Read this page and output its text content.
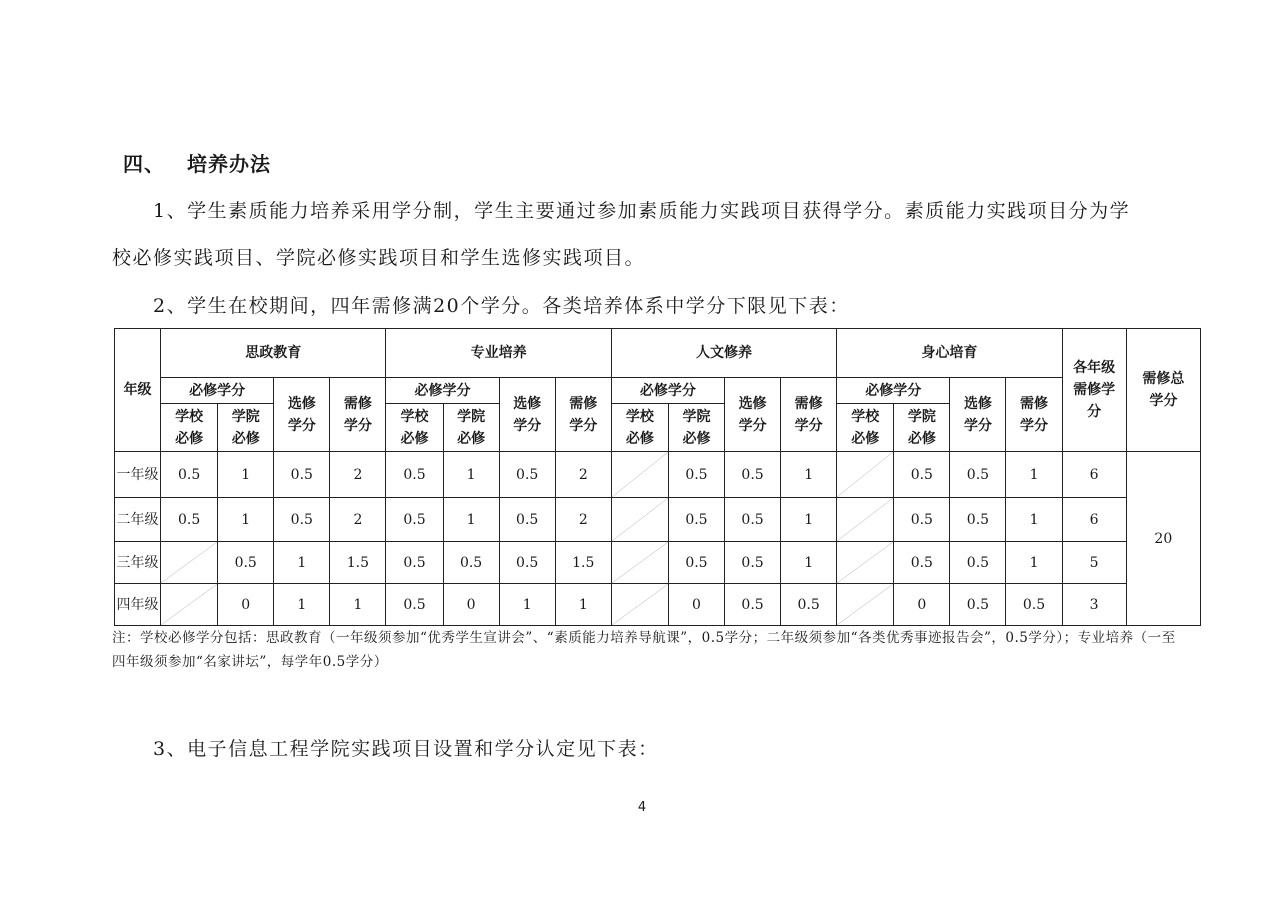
四、 培养办法
1、学生素质能力培养采用学分制，学生主要通过参加素质能力实践项目获得学分。素质能力实践项目分为学
校必修实践项目、学院必修实践项目和学生选修实践项目。
2、学生在校期间，四年需修满20个学分。各类培养体系中学分下限见下表：
年级	思政教育				专业培养				人文修养				身心培育				各年级需修学分	需修总学分

	必修学分		选修学分	需修学分	必修学分		选修学分	需修学分	必修学分		选修学分	需修学分	必修学分		选修学分	需修学分		

	学校必修	学院必修			学校必修	学院必修			学校必修	学院必修			学校必修	学院必修				

一年级	0.5	1	0.5	2	0.5	1	0.5	2		0.5	0.5	1		0.5	0.5	1	6	20
二年级	0.5	1	0.5	2	0.5	1	0.5	2		0.5	0.5	1		0.5	0.5	1	6	
三年级		0.5	1	1.5	0.5	0.5	0.5	1.5		0.5	0.5	1		0.5	0.5	1	5	
四年级		0	1	1	0.5	0	1	1		0	0.5	0.5		0	0.5	0.5	3	
注：学校必修学分包括：思政教育（一年级须参加“优秀学生宣讲会”、“素质能力培养导航课”，0.5学分；二年级须参加“各类优秀事迹报告会”，0.5学分）；专业培养（一至四年级须参加“名家讲坛”，每学年0.5学分）
3、电子信息工程学院实践项目设置和学分认定见下表：
4
